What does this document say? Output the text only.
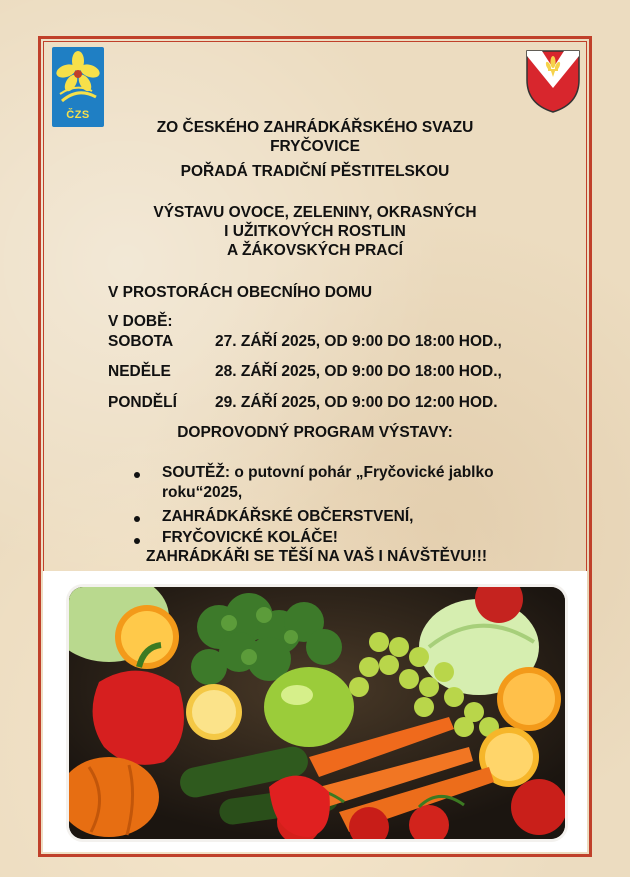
ČZS
ZO ČESKÉHO ZAHRÁDKÁŘSKÉHO SVAZU
FRYČOVICE
POŘADÁ TRADIČNÍ PĚSTITELSKOU
VÝSTAVU OVOCE, ZELENINY, OKRASNÝCH
I UŽITKOVÝCH ROSTLIN
A ŽÁKOVSKÝCH PRACÍ
V PROSTORÁCH OBECNÍHO DOMU
V DOBĚ:
SOBOTA	27. ZÁŘÍ 2025, OD 9:00 DO 18:00 HOD.,
NEDĚLE	28. ZÁŘÍ 2025, OD 9:00 DO 18:00 HOD.,
PONDĚLÍ 29. ZÁŘÍ 2025, OD 9:00 DO 12:00 HOD.
DOPROVODNÝ PROGRAM VÝSTAVY:
SOUTĚŽ: o putovní pohár „Fryčovické jablko
roku“2025,
ZAHRÁDKÁŘSKÉ OBČERSTVENÍ,
FRYČOVICKÉ KOLÁČE!
ZAHRÁDKÁŘI SE TĚŠÍ NA VAŠ I NÁVŠTĚVU!!!
